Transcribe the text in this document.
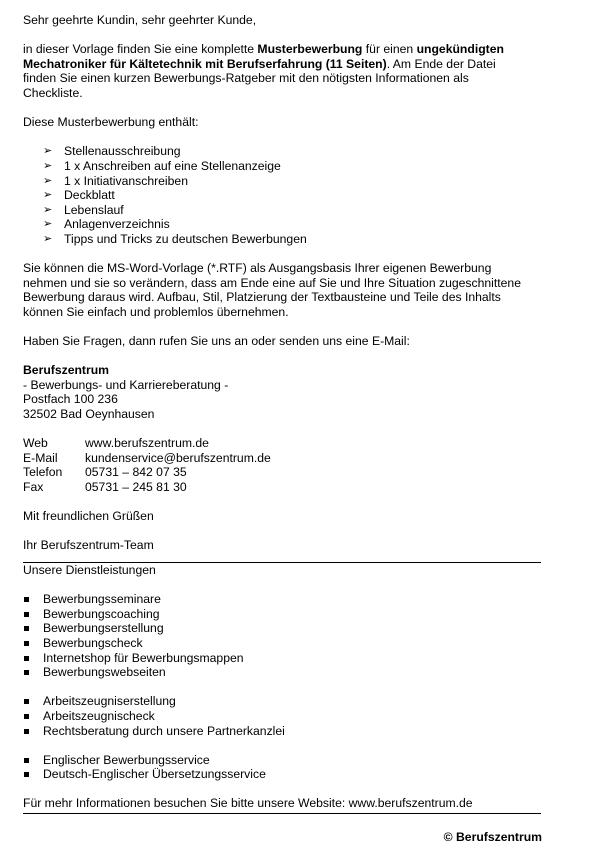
Sehr geehrte Kundin, sehr geehrter Kunde,
in dieser Vorlage finden Sie eine komplette Musterbewerbung für einen ungekündigten
Mechatroniker für Kältetechnik mit Berufserfahrung (11 Seiten). Am Ende der Datei
finden Sie einen kurzen Bewerbungs-Ratgeber mit den nötigsten Informationen als
Checkliste.
Diese Musterbewerbung enthält:
➢ Stellenausschreibung
➢ 1 x Anschreiben auf eine Stellenanzeige
➢ 1 x Initiativanschreiben
➢ Deckblatt
➢ Lebenslauf
➢ Anlagenverzeichnis
➢ Tipps und Tricks zu deutschen Bewerbungen
Sie können die MS-Word-Vorlage (*.RTF) als Ausgangsbasis Ihrer eigenen Bewerbung
nehmen und sie so verändern, dass am Ende eine auf Sie und Ihre Situation zugeschnittene
Bewerbung daraus wird. Aufbau, Stil, Platzierung der Textbausteine und Teile des Inhalts
können Sie einfach und problemlos übernehmen.
Haben Sie Fragen, dann rufen Sie uns an oder senden uns eine E-Mail:
Berufszentrum
- Bewerbungs- und Karriereberatung -
Postfach 100 236
32502 Bad Oeynhausen
Web	www.berufszentrum.de
E-Mail	kundenservice@berufszentrum.de
Telefon	05731 – 842 07 35
Fax	05731 – 245 81 30
Mit freundlichen Grüßen
Ihr Berufszentrum-Team
Unsere Dienstleistungen
Bewerbungsseminare
Bewerbungscoaching
Bewerbungserstellung
Bewerbungscheck
Internetshop für Bewerbungsmappen
Bewerbungswebseiten
Arbeitszeugniserstellung
Arbeitszeugnischeck
Rechtsberatung durch unsere Partnerkanzlei
Englischer Bewerbungsservice
Deutsch-Englischer Übersetzungsservice
Für mehr Informationen besuchen Sie bitte unsere Website: www.berufszentrum.de
© Berufszentrum
